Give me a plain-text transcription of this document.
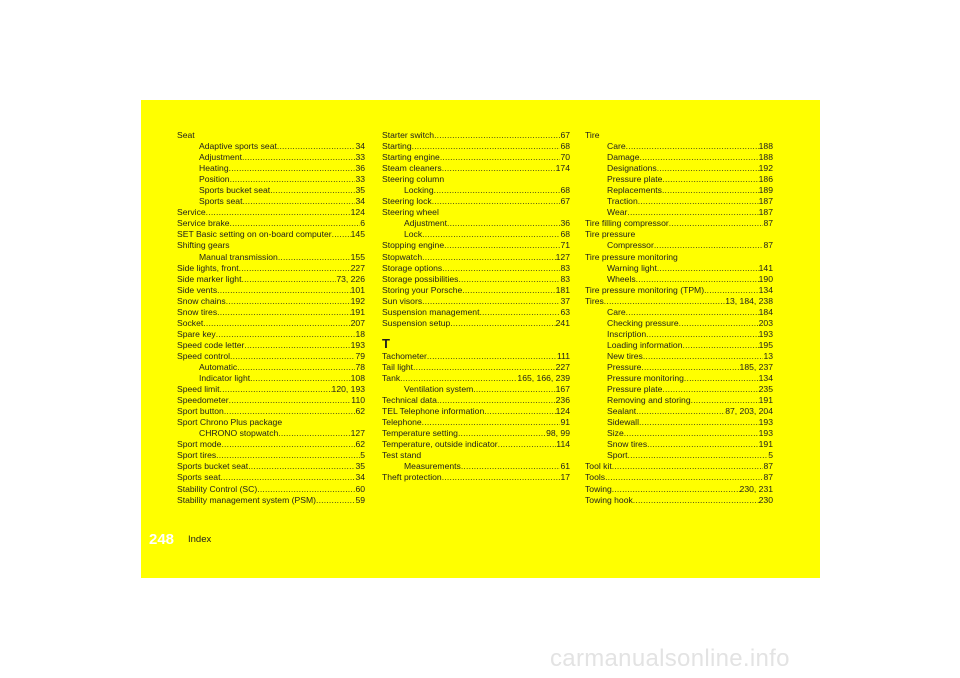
Seat
Adaptive sports seat .....	34
Adjustment .....	33
Heating .....	36
Position .....	33
Sports bucket seat .....	35
Sports seat .....	34
Service .....	124
Service brake .....	6
SET Basic setting on on-board computer ..... 145
Shifting gears
Manual transmission .....	155
Side lights, front .....	227
Side marker light .....	73, 226
Side vents .....	101
Snow chains .....	192
Snow tires .....	191
Socket .....	207
Spare key .....	18
Speed code letter .....	193
Speed control .....	79
Automatic .....	78
Indicator light .....	108
Speed limit .....	120, 193
Speedometer .....	110
Sport button .....	62
Sport Chrono Plus package
CHRONO stopwatch .....	127
Sport mode .....	62
Sport tires .....	5
Sports bucket seat .....	35
Sports seat .....	34
Stability Control (SC) .....	60
Stability management system (PSM) .....	59
Starter switch .....	67
Starting .....	68
Starting engine .....	70
Steam cleaners .....	174
Steering column
Locking .....	68
Steering lock .....	67
Steering wheel
Adjustment .....	36
Lock .....	68
Stopping engine .....	71
Stopwatch .....	127
Storage options .....	83
Storage possibilities .....	83
Storing your Porsche .....	181
Sun visors .....	37
Suspension management .....	63
Suspension setup .....	241
T
Tachometer .....	111
Tail light .....	227
Tank .....	165, 166, 239
Ventilation system .....	167
Technical data .....	236
TEL Telephone information .....	124
Telephone .....	91
Temperature setting .....	98, 99
Temperature, outside indicator .....	114
Test stand
Measurements .....	61
Theft protection .....	17
Tire
Care .....	188
Damage .....	188
Designations .....	192
Pressure plate .....	186
Replacements .....	189
Traction .....	187
Wear .....	187
Tire filling compressor .....	87
Tire pressure
Compressor .....	87
Tire pressure monitoring
Warning light .....	141
Wheels .....	190
Tire pressure monitoring (TPM) .....	134
Tires .....	13, 184, 238
Care .....	184
Checking pressure .....	203
Inscription .....	193
Loading information .....	195
New tires .....	13
Pressure .....	185, 237
Pressure monitoring .....	134
Pressure plate .....	235
Removing and storing .....	191
Sealant .....	87, 203, 204
Sidewall .....	193
Size .....	193
Snow tires .....	191
Sport .....	5
Tool kit .....	87
Tools .....	87
Towing .....	230, 231
Towing hook .....	230
248 Index
carmanualsonline.info
